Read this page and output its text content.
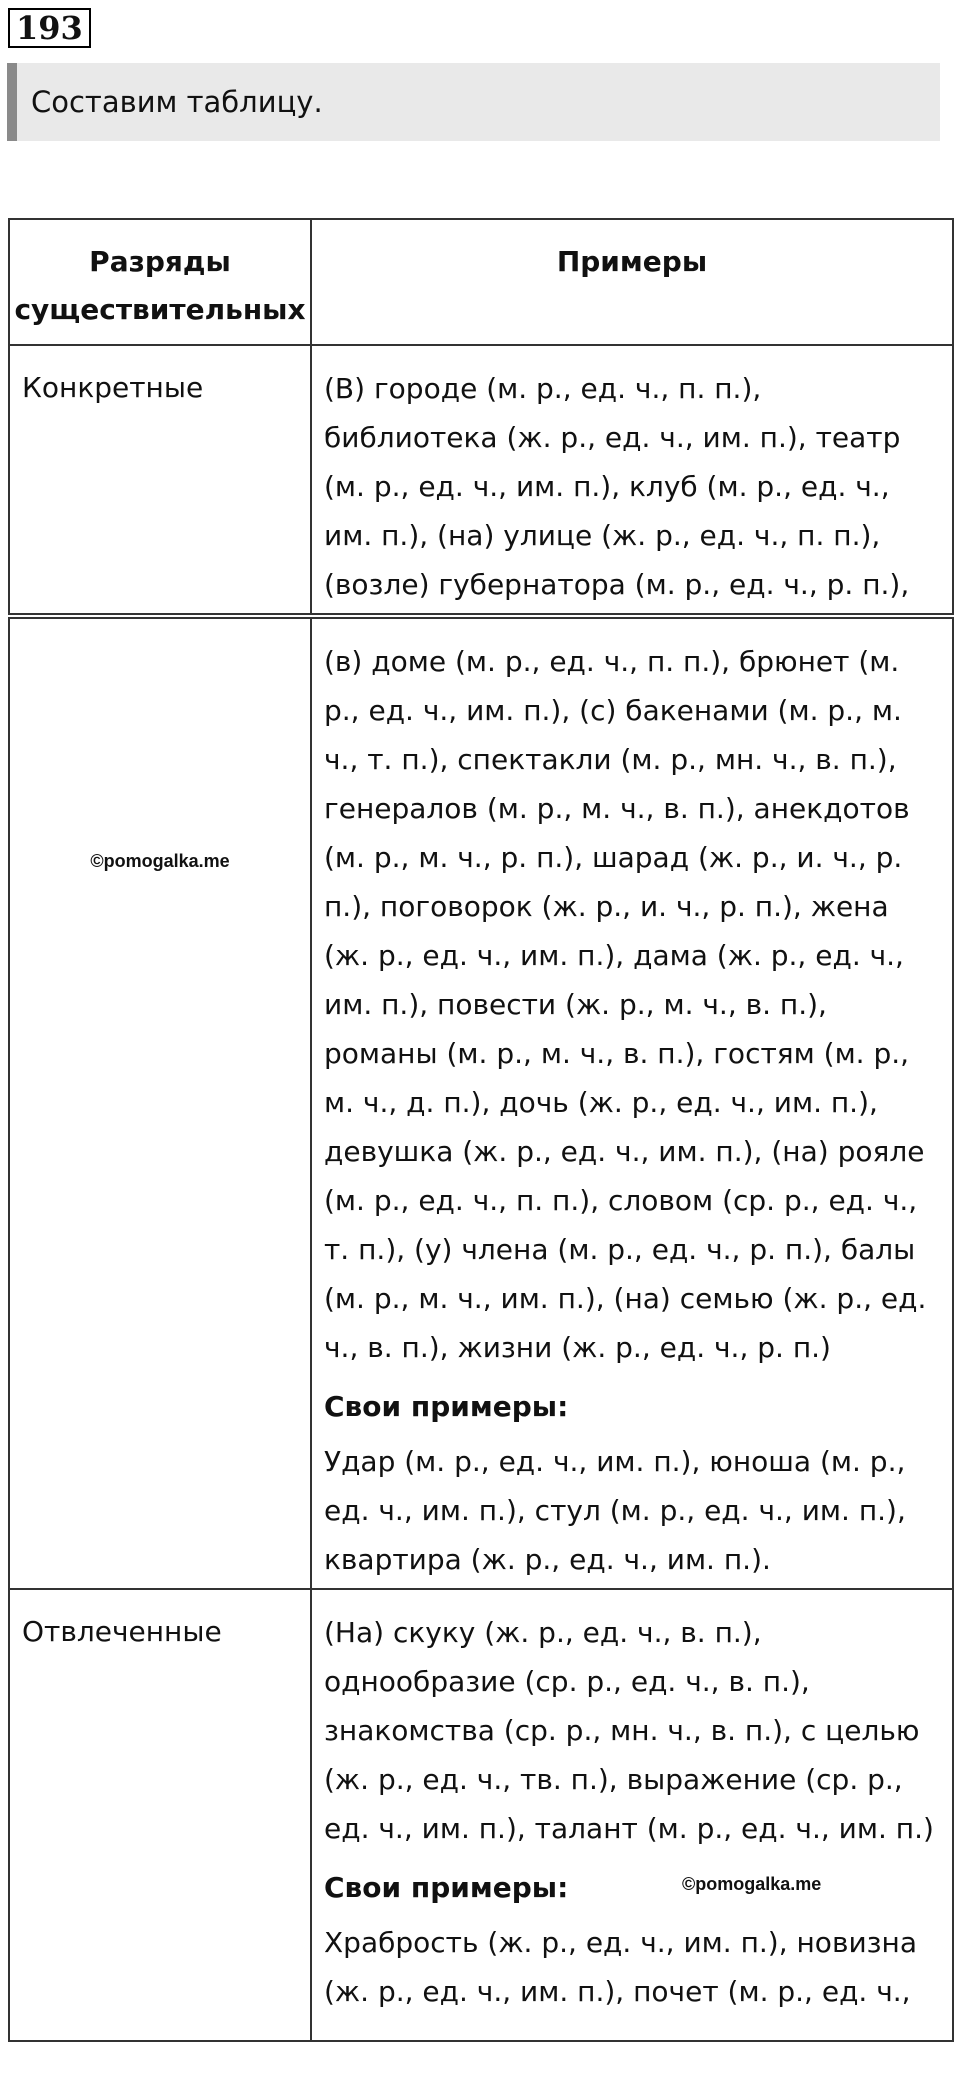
193
Составим таблицу.
Разряды существительных	Примеры
Конкретные	(В) городе (м. р., ед. ч., п. п.), библиотека (ж. р., ед. ч., им. п.), театр (м. р., ед. ч., им. п.), клуб (м. р., ед. ч., им. п.), (на) улице (ж. р., ед. ч., п. п.), (возле) губернатора (м. р., ед. ч., р. п.),

©pomogalka.me	(в) доме (м. р., ед. ч., п. п.), брюнет (м. р., ед. ч., им. п.), (с) бакенами (м. р., м. ч., т. п.), спектакли (м. р., мн. ч., в. п.), генералов (м. р., м. ч., в. п.), анекдотов (м. р., м. ч., р. п.), шарад (ж. р., и. ч., р. п.), поговорок (ж. р., и. ч., р. п.), жена (ж. р., ед. ч., им. п.), дама (ж. р., ед. ч., им. п.), повести (ж. р., м. ч., в. п.), романы (м. р., м. ч., в. п.), гостям (м. р., м. ч., д. п.), дочь (ж. р., ед. ч., им. п.), девушка (ж. р., ед. ч., им. п.), (на) рояле (м. р., ед. ч., п. п.), словом (ср. р., ед. ч., т. п.), (у) члена (м. р., ед. ч., р. п.), балы (м. р., м. ч., им. п.), (на) семью (ж. р., ед. ч., в. п.), жизни (ж. р., ед. ч., р. п.)

Свои примеры:

Удар (м. р., ед. ч., им. п.), юноша (м. р., ед. ч., им. п.), стул (м. р., ед. ч., им. п.), квартира (ж. р., ед. ч., им. п.).

Отвлеченные	(На) скуку (ж. р., ед. ч., в. п.), однообразие (ср. р., ед. ч., в. п.), знакомства (ср. р., мн. ч., в. п.), с целью (ж. р., ед. ч., тв. п.), выражение (ср. р., ед. ч., им. п.), талант (м. р., ед. ч., им. п.)

Свои примеры:

Храбрость (ж. р., ед. ч., им. п.), новизна (ж. р., ед. ч., им. п.), почет (м. р., ед. ч.,

©pomogalka.me
